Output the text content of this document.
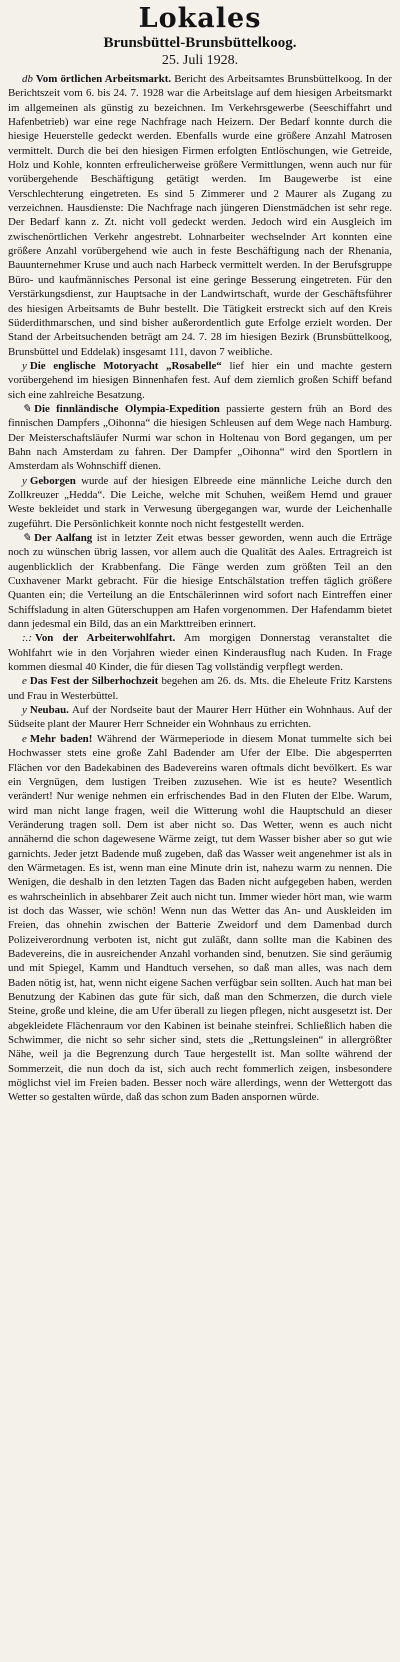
Lokales
Brunsbüttel-Brunsbüttelkoog.
25. Juli 1928.

db Vom örtlichen Arbeitsmarkt. Bericht des Arbeitsamtes Brunsbüttelkoog. In der Berichtszeit vom 6. bis 24. 7. 1928 war die Arbeitslage auf dem hiesigen Arbeitsmarkt im allgemeinen als günstig zu bezeichnen. Im Verkehrsgewerbe (Seeschiffahrt und Hafenbetrieb) war eine rege Nachfrage nach Heizern. Der Bedarf konnte durch die hiesige Heuerstelle gedeckt werden. Ebenfalls wurde eine größere Anzahl Matrosen vermittelt. Durch die bei den hiesigen Firmen erfolgten Entlöschungen, wie Getreide, Holz und Kohle, konnten erfreulicherweise größere Vermittlungen, wenn auch nur für vorübergehende Beschäftigung getätigt werden. Im Baugewerbe ist eine Verschlechterung eingetreten. Es sind 5 Zimmerer und 2 Maurer als Zugang zu verzeichnen. Hausdienste: Die Nachfrage nach jüngeren Dienstmädchen ist sehr rege. Der Bedarf kann z. Zt. nicht voll gedeckt werden. Jedoch wird ein Ausgleich im zwischenörtlichen Verkehr angestrebt. Lohnarbeiter wechselnder Art konnten eine größere Anzahl vorübergehend wie auch in feste Beschäftigung nach der Rhenania, Bauunternehmer Kruse und auch nach Harbeck vermittelt werden. In der Berufsgruppe Büro- und kaufmännisches Personal ist eine geringe Besserung eingetreten. Für den Verstärkungsdienst, zur Hauptsache in der Landwirtschaft, wurde der Geschäftsführer des hiesigen Arbeitsamts de Buhr bestellt. Die Tätigkeit erstreckt sich auf den Kreis Süderdithmarschen, und sind bisher außerordentlich gute Erfolge erzielt worden. Der Stand der Arbeitsuchenden beträgt am 24. 7. 28 im hiesigen Bezirk (Brunsbüttelkoog, Brunsbüttel und Eddelak) insgesamt 111, davon 7 weibliche.

y Die englische Motoryacht „Rosabelle“ lief hier ein und machte gestern vorübergehend im hiesigen Binnenhafen fest. Auf dem ziemlich großen Schiff befand sich eine zahlreiche Besatzung.

✎ Die finnländische Olympia-Expedition passierte gestern früh an Bord des finnischen Dampfers „Oihonna“ die hiesigen Schleusen auf dem Wege nach Hamburg. Der Meisterschaftsläufer Nurmi war schon in Holtenau von Bord gegangen, um per Bahn nach Amsterdam zu fahren. Der Dampfer „Oihonna“ wird den Sportlern in Amsterdam als Wohnschiff dienen.

y Geborgen wurde auf der hiesigen Elbreede eine männliche Leiche durch den Zollkreuzer „Hedda“. Die Leiche, welche mit Schuhen, weißem Hemd und grauer Weste bekleidet und stark in Verwesung übergegangen war, wurde der Leichenhalle zugeführt. Die Persönlichkeit konnte noch nicht festgestellt werden.

✎ Der Aalfang ist in letzter Zeit etwas besser geworden, wenn auch die Erträge noch zu wünschen übrig lassen, vor allem auch die Qualität des Aales. Ertragreich ist augenblicklich der Krabbenfang. Die Fänge werden zum größten Teil an den Cuxhavener Markt gebracht. Für die hiesige Entschälstation treffen täglich größere Quanten ein; die Verteilung an die Entschälerinnen wird sofort nach Eintreffen einer Schiffsladung in alten Güterschuppen am Hafen vorgenommen. Der Hafendamm bietet dann jedesmal ein Bild, das an ein Markttreiben erinnert.

:.: Von der Arbeiterwohlfahrt. Am morgigen Donnerstag veranstaltet die Wohlfahrt wie in den Vorjahren wieder einen Kinderausflug nach Kuden. In Frage kommen diesmal 40 Kinder, die für diesen Tag vollständig verpflegt werden.

e Das Fest der Silberhochzeit begehen am 26. ds. Mts. die Eheleute Fritz Karstens und Frau in Westerbüttel.

y Neubau. Auf der Nordseite baut der Maurer Herr Hüther ein Wohnhaus. Auf der Südseite plant der Maurer Herr Schneider ein Wohnhaus zu errichten.

e Mehr baden! Während der Wärmeperiode in diesem Monat tummelte sich bei Hochwasser stets eine große Zahl Badender am Ufer der Elbe. Die abgesperrten Flächen vor den Badekabinen des Badevereins waren oftmals dicht bevölkert. Es war ein Vergnügen, dem lustigen Treiben zuzusehen. Wie ist es heute? Wesentlich verändert! Nur wenige nehmen ein erfrischendes Bad in den Fluten der Elbe. Warum, wird man nicht lange fragen, weil die Witterung wohl die Hauptschuld an dieser Veränderung tragen soll. Dem ist aber nicht so. Das Wetter, wenn es auch nicht annähernd die schon dagewesene Wärme zeigt, tut dem Wasser bisher aber so gut wie garnichts. Jeder jetzt Badende muß zugeben, daß das Wasser weit angenehmer ist als in den Wärmetagen. Es ist, wenn man eine Minute drin ist, nahezu warm zu nennen. Die Wenigen, die deshalb in den letzten Tagen das Baden nicht aufgegeben haben, werden es wahrscheinlich in absehbarer Zeit auch nicht tun. Immer wieder hört man, wie warm ist doch das Wasser, wie schön! Wenn nun das Wetter das An- und Auskleiden im Freien, das ohnehin zwischen der Batterie Zweidorf und dem Damenbad durch Polizeiverordnung verboten ist, nicht gut zuläßt, dann sollte man die Kabinen des Badevereins, die in ausreichender Anzahl vorhanden sind, benutzen. Sie sind geräumig und mit Spiegel, Kamm und Handtuch versehen, so daß man alles, was nach dem Baden nötig ist, hat, wenn nicht eigene Sachen verfügbar sein sollten. Auch hat man bei Benutzung der Kabinen das gute für sich, daß man den Schmerzen, die durch viele Steine, große und kleine, die am Ufer überall zu liegen pflegen, nicht ausgesetzt ist. Der abgekleidete Flächenraum vor den Kabinen ist beinahe steinfrei. Schließlich haben die Schwimmer, die nicht so sehr sicher sind, stets die „Rettungsleinen“ in allergrößter Nähe, weil ja die Begrenzung durch Taue hergestellt ist. Man sollte während der Sommerzeit, die nun doch da ist, sich auch recht fommerlich zeigen, insbesondere möglichst viel im Freien baden. Besser noch wäre allerdings, wenn der Wettergott das Wetter so gestalten würde, daß das schon zum Baden anspornen würde.
